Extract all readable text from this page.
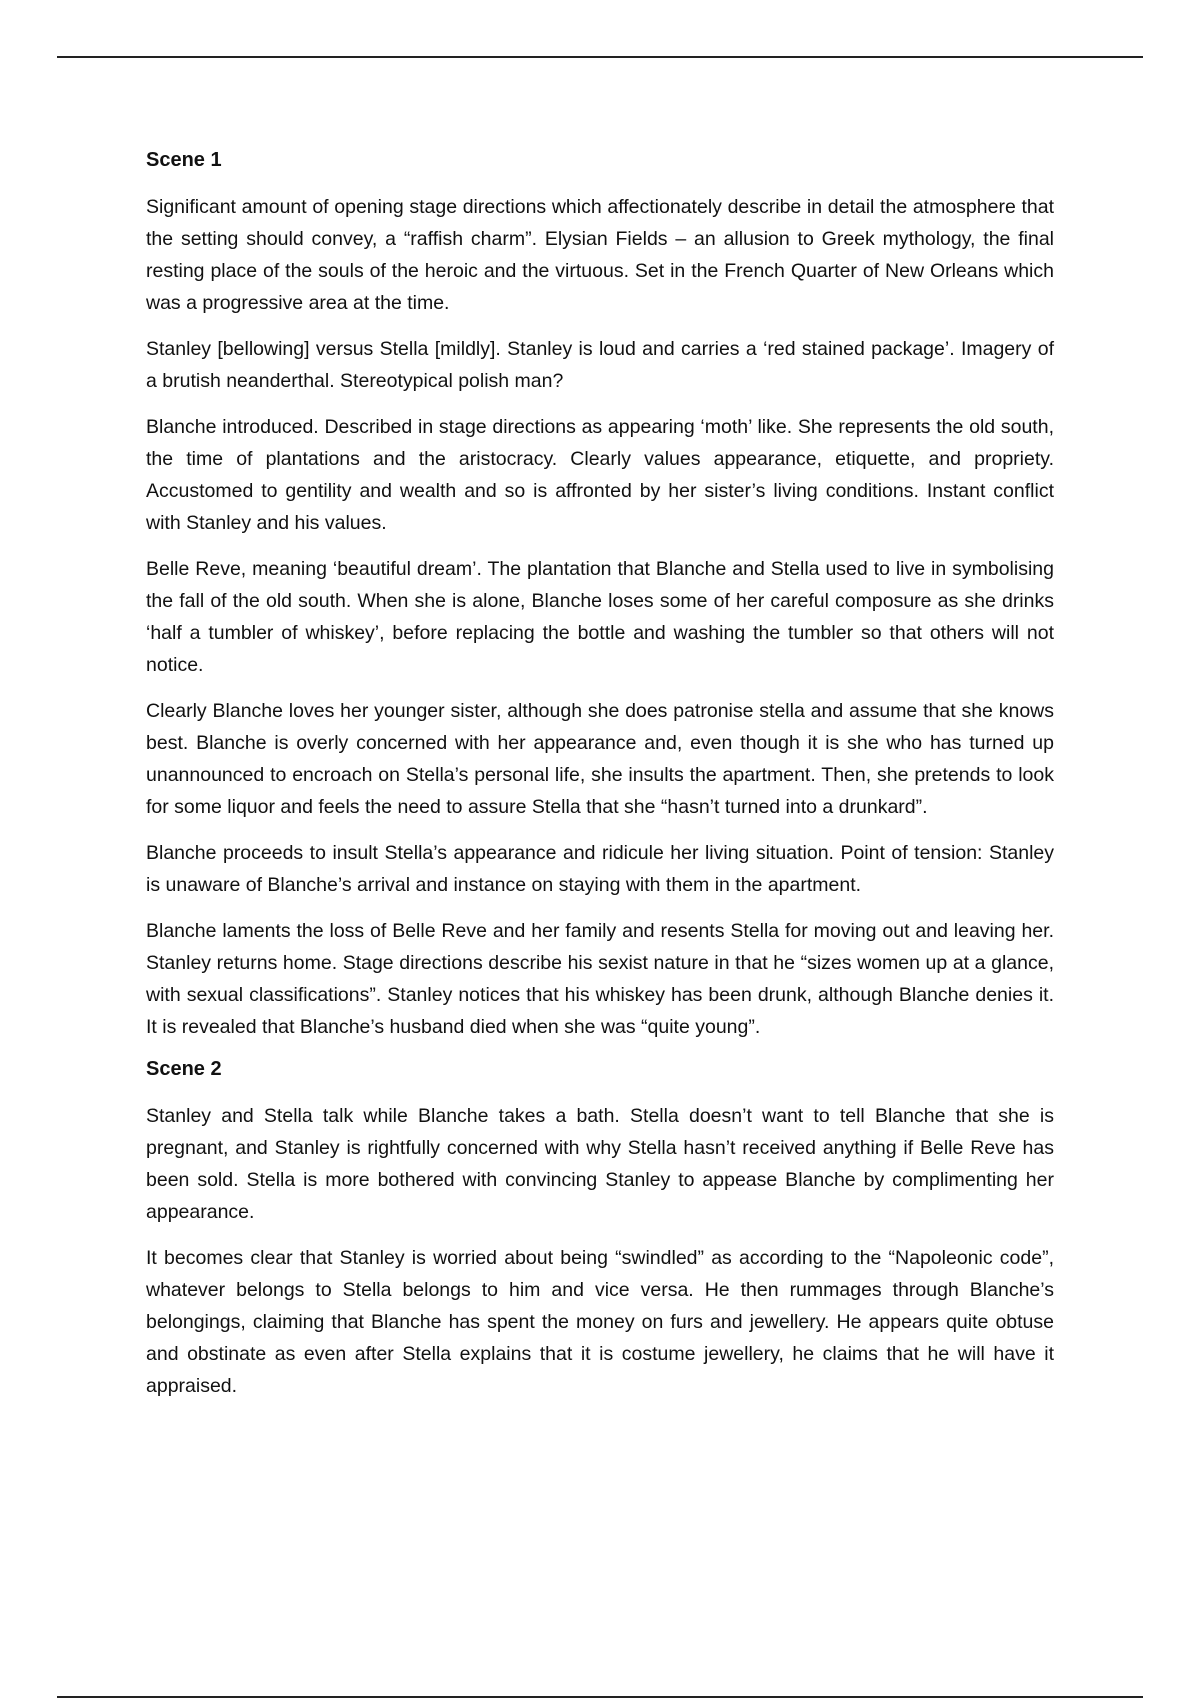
Scene 1

Significant amount of opening stage directions which affectionately describe in detail the atmosphere that the setting should convey, a “raffish charm”. Elysian Fields – an allusion to Greek mythology, the final resting place of the souls of the heroic and the virtuous. Set in the French Quarter of New Orleans which was a progressive area at the time.

Stanley [bellowing] versus Stella [mildly]. Stanley is loud and carries a ‘red stained package’. Imagery of a brutish neanderthal. Stereotypical polish man?

Blanche introduced. Described in stage directions as appearing ‘moth’ like. She represents the old south, the time of plantations and the aristocracy. Clearly values appearance, etiquette, and propriety. Accustomed to gentility and wealth and so is affronted by her sister’s living conditions. Instant conflict with Stanley and his values.

Belle Reve, meaning ‘beautiful dream’. The plantation that Blanche and Stella used to live in symbolising the fall of the old south. When she is alone, Blanche loses some of her careful composure as she drinks ‘half a tumbler of whiskey’, before replacing the bottle and washing the tumbler so that others will not notice.

Clearly Blanche loves her younger sister, although she does patronise stella and assume that she knows best. Blanche is overly concerned with her appearance and, even though it is she who has turned up unannounced to encroach on Stella’s personal life, she insults the apartment. Then, she pretends to look for some liquor and feels the need to assure Stella that she “hasn’t turned into a drunkard”.

Blanche proceeds to insult Stella’s appearance and ridicule her living situation. Point of tension: Stanley is unaware of Blanche’s arrival and instance on staying with them in the apartment.

Blanche laments the loss of Belle Reve and her family and resents Stella for moving out and leaving her. Stanley returns home. Stage directions describe his sexist nature in that he “sizes women up at a glance, with sexual classifications”. Stanley notices that his whiskey has been drunk, although Blanche denies it. It is revealed that Blanche’s husband died when she was “quite young”.

Scene 2

Stanley and Stella talk while Blanche takes a bath. Stella doesn’t want to tell Blanche that she is pregnant, and Stanley is rightfully concerned with why Stella hasn’t received anything if Belle Reve has been sold. Stella is more bothered with convincing Stanley to appease Blanche by complimenting her appearance.

It becomes clear that Stanley is worried about being “swindled” as according to the “Napoleonic code”, whatever belongs to Stella belongs to him and vice versa. He then rummages through Blanche’s belongings, claiming that Blanche has spent the money on furs and jewellery. He appears quite obtuse and obstinate as even after Stella explains that it is costume jewellery, he claims that he will have it appraised.
